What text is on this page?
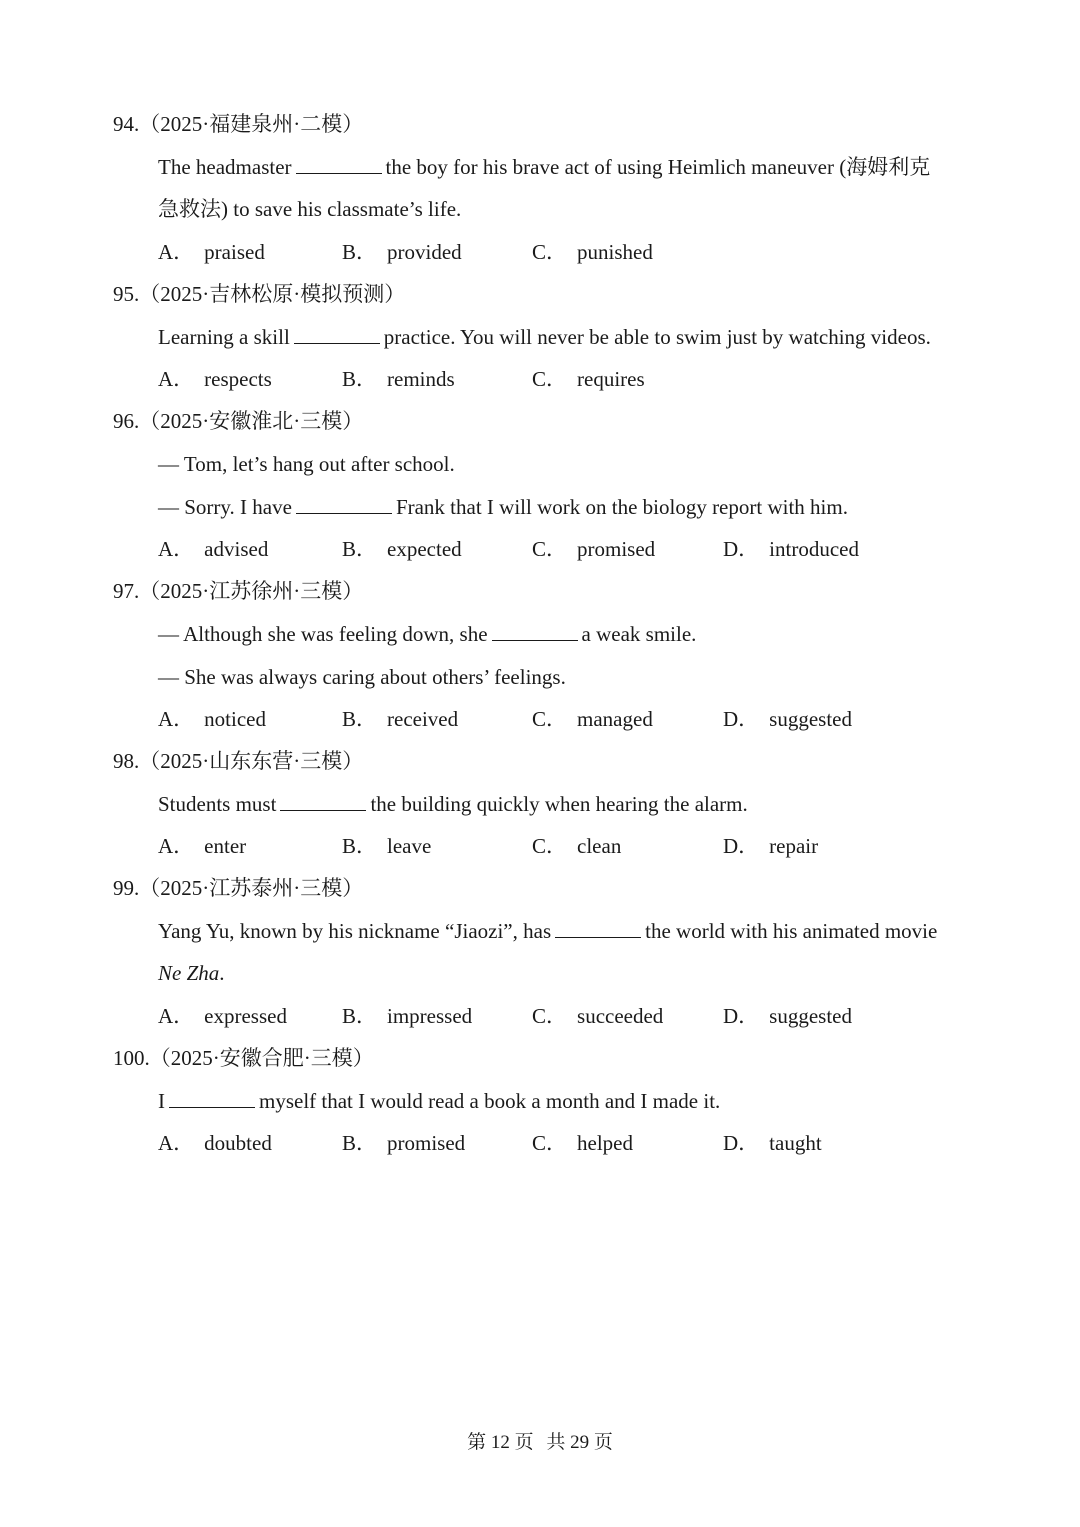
94.（2025·福建泉州·二模）
The headmaster	the boy for his brave act of using Heimlich maneuver (海姆利克
急救法) to save his classmate’s life.
A． praised	B． provided	C． punished
95.（2025·吉林松原·模拟预测）
Learning a skill	practice. You will never be able to swim just by watching videos.
A． respects	B． reminds	C． requires
96.（2025·安徽淮北·三模）
— Tom, let’s hang out after school.
— Sorry. I have	Frank that I will work on the biology report with him.
A． advised	B． expected	C． promised	D． introduced
97.（2025·江苏徐州·三模）
— Although she was feeling down, she	a weak smile.
— She was always caring about others’ feelings.
A． noticed	B． received	C． managed	D． suggested
98.（2025·山东东营·三模）
Students must	the building quickly when hearing the alarm.
A． enter	B． leave	C． clean	D． repair
99.（2025·江苏泰州·三模）
Yang Yu, known by his nickname “Jiaozi”, has	the world with his animated movie
Ne Zha.
A． expressed	B． impressed	C． succeeded	D． suggested
100.（2025·安徽合肥·三模）
I	myself that I would read a book a month and I made it.
A． doubted	B． promised	C． helped	D． taught
第 12 页 共 29 页
